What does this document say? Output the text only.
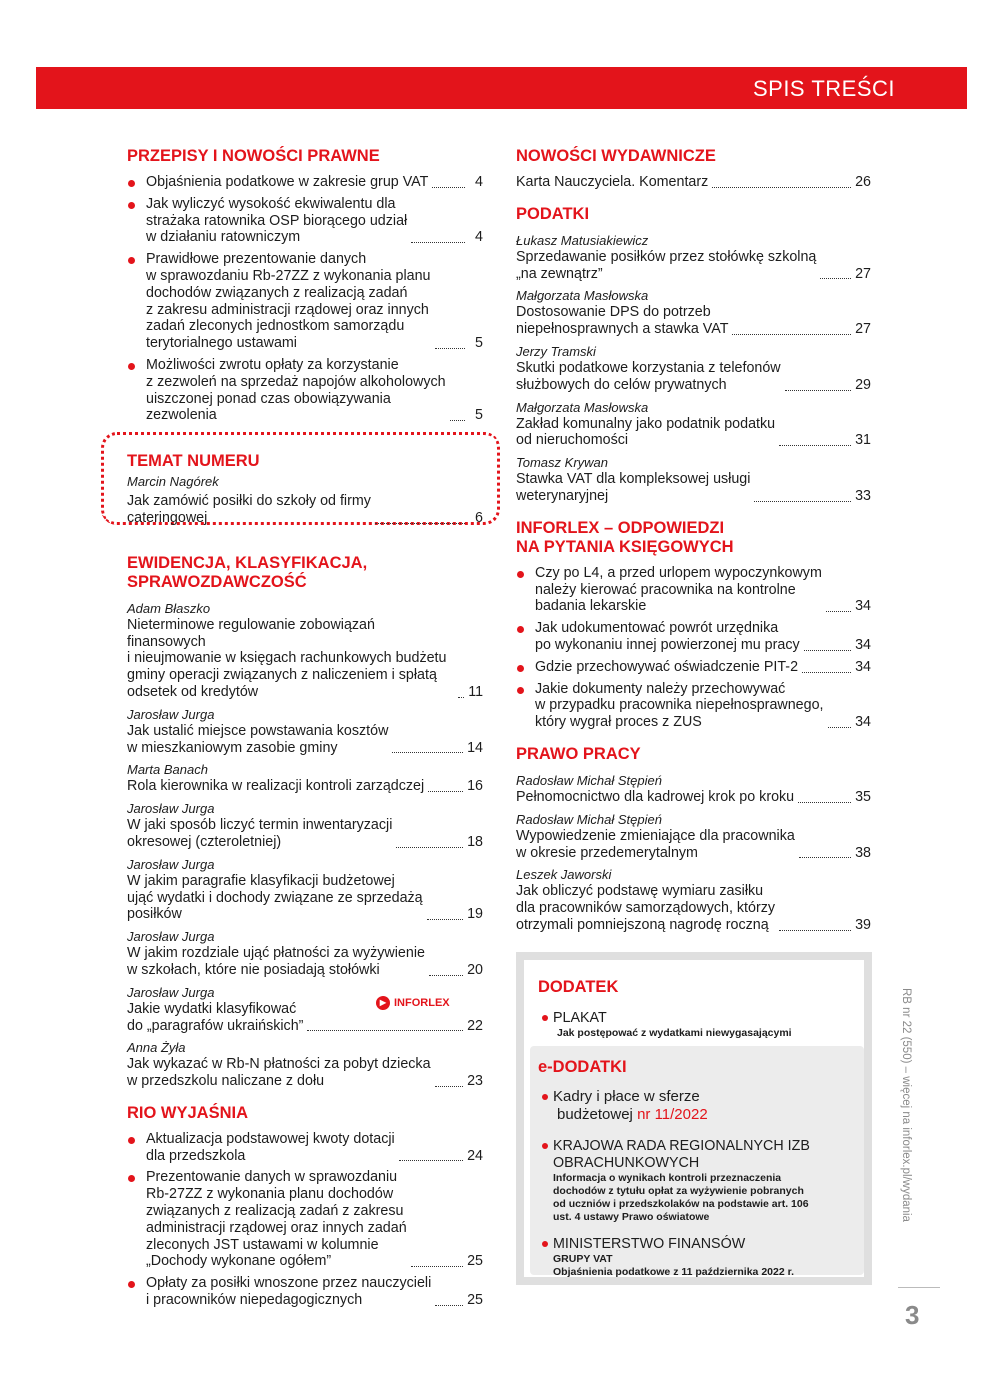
SPIS TREŚCI
PRZEPISY I NOWOŚCI PRAWNE
Objaśnienia podatkowe w zakresie grup VAT	4
Jak wyliczyć wysokość ekwiwalentu dla
strażaka ratownika OSP biorącego udział
w działaniu ratowniczym	4
Prawidłowe prezentowanie danych
w sprawozdaniu Rb-27ZZ z wykonania planu
dochodów związanych z realizacją zadań
z zakresu administracji rządowej oraz innych
zadań zleconych jednostkom samorządu
terytorialnego ustawami	5
Możliwości zwrotu opłaty za korzystanie
z zezwoleń na sprzedaż napojów alkoholowych
uiszczonej ponad czas obowiązywania
zezwolenia	5
TEMAT NUMERU
Marcin Nagórek
Jak zamówić posiłki do szkoły od firmy
cateringowej	6
EWIDENCJA, KLASYFIKACJA,
SPRAWOZDAWCZOŚĆ
Adam Błaszko
Nieterminowe regulowanie zobowiązań finansowych
i nieujmowanie w księgach rachunkowych budżetu
gminy operacji związanych z naliczeniem i spłatą
odsetek od kredytów	11
Jarosław Jurga
Jak ustalić miejsce powstawania kosztów
w mieszkaniowym zasobie gminy	14
Marta Banach
Rola kierownika w realizacji kontroli zarządczej	16
Jarosław Jurga
W jaki sposób liczyć termin inwentaryzacji
okresowej (czteroletniej)	18
Jarosław Jurga
W jakim paragrafie klasyfikacji budżetowej
ująć wydatki i dochody związane ze sprzedażą
posiłków	19
Jarosław Jurga
W jakim rozdziale ująć płatności za wyżywienie
w szkołach, które nie posiadają stołówki	20
Jarosław Jurga
Jakie wydatki klasyfikować
do „paragrafów ukraińskich”	22
Anna Żyła
Jak wykazać w Rb-N płatności za pobyt dziecka
w przedszkolu naliczane z dołu	23
RIO WYJAŚNIA
Aktualizacja podstawowej kwoty dotacji
dla przedszkola	24
Prezentowanie danych w sprawozdaniu
Rb-27ZZ z wykonania planu dochodów
związanych z realizacją zadań z zakresu
administracji rządowej oraz innych zadań
zleconych JST ustawami w kolumnie
„Dochody wykonane ogółem”	25
Opłaty za posiłki wnoszone przez nauczycieli
i pracowników niepedagogicznych	25
▶ INFORLEX
NOWOŚCI WYDAWNICZE
Karta Nauczyciela. Komentarz	26
PODATKI
Łukasz Matusiakiewicz
Sprzedawanie posiłków przez stołówkę szkolną
„na zewnątrz”	27
Małgorzata Masłowska
Dostosowanie DPS do potrzeb
niepełnosprawnych a stawka VAT	27
Jerzy Tramski
Skutki podatkowe korzystania z telefonów
służbowych do celów prywatnych	29
Małgorzata Masłowska
Zakład komunalny jako podatnik podatku
od nieruchomości	31
Tomasz Krywan
Stawka VAT dla kompleksowej usługi
weterynaryjnej	33
INFORLEX – ODPOWIEDZI
NA PYTANIA KSIĘGOWYCH
Czy po L4, a przed urlopem wypoczynkowym
należy kierować pracownika na kontrolne
badania lekarskie	34
Jak udokumentować powrót urzędnika
po wykonaniu innej powierzonej mu pracy	34
Gdzie przechowywać oświadczenie PIT-2	34
Jakie dokumenty należy przechowywać
w przypadku pracownika niepełnosprawnego,
który wygrał proces z ZUS	34
PRAWO PRACY
Radosław Michał Stępień
Pełnomocnictwo dla kadrowej krok po kroku	35
Radosław Michał Stępień
Wypowiedzenie zmieniające dla pracownika
w okresie przedemerytalnym	38
Leszek Jaworski
Jak obliczyć podstawę wymiaru zasiłku
dla pracowników samorządowych, którzy
otrzymali pomniejszoną nagrodę roczną	39
DODATEK
PLAKAT
Jak postępować z wydatkami niewygasającymi
e-DODATKI
Kadry i płace w sferze
budżetowej nr 11/2022
KRAJOWA RADA REGIONALNYCH IZB
OBRACHUNKOWYCH
Informacja o wynikach kontroli przeznaczenia
dochodów z tytułu opłat za wyżywienie pobranych
od uczniów i przedszkolaków na podstawie art. 106
ust. 4 ustawy Prawo oświatowe
MINISTERSTWO FINANSÓW
GRUPY VAT
Objaśnienia podatkowe z 11 października 2022 r.
RB nr 22 (550) – więcej na inforlex.pl/wydania
3
